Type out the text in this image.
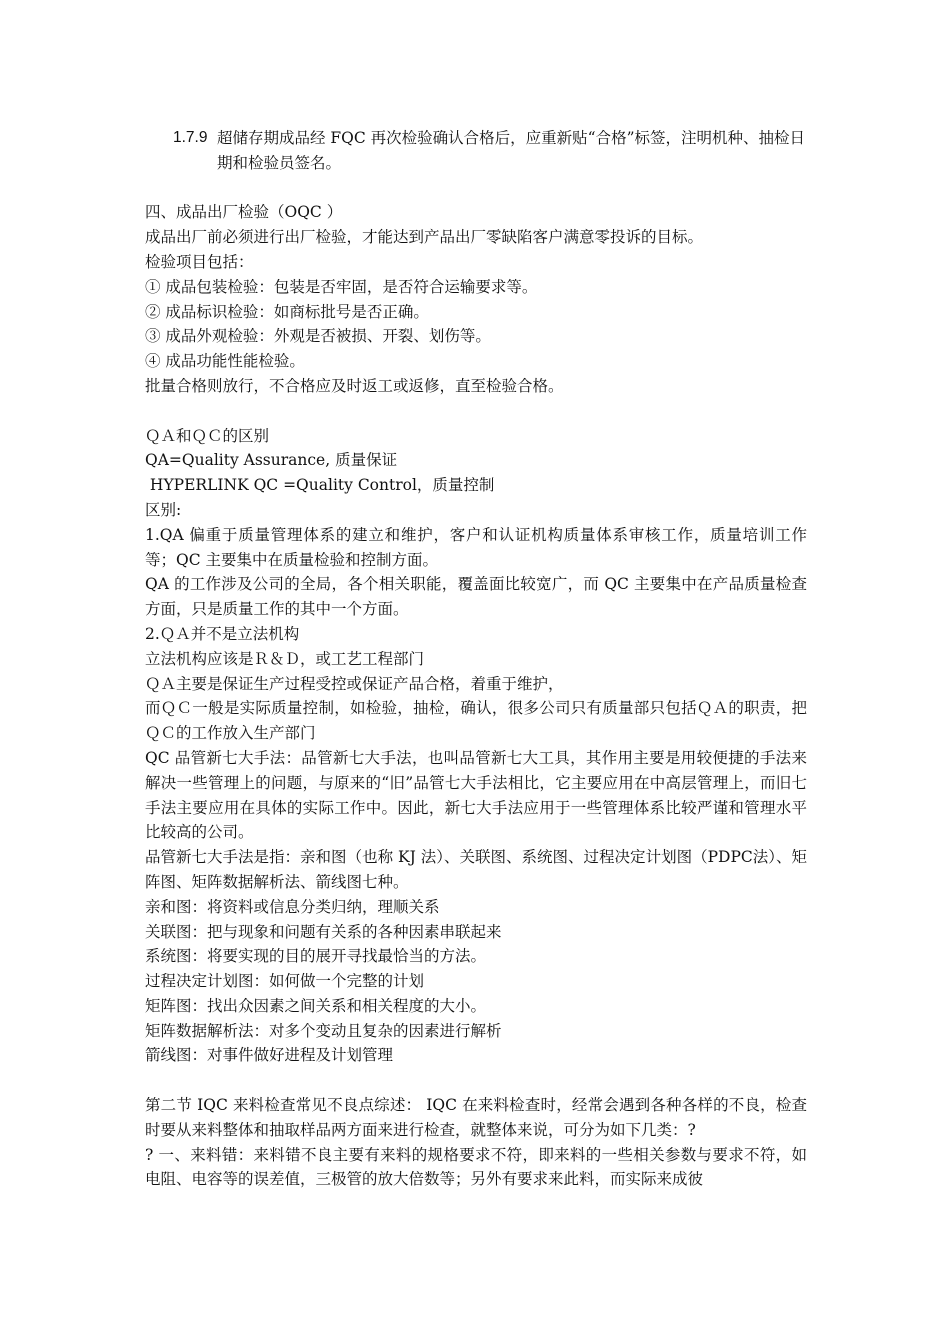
1.7.9 超储存期成品经 FQC 再次检验确认合格后，应重新贴“合格”标签，注明机种、抽检日期和检验员签名。

四、成品出厂检验（OQC ）

成品出厂前必须进行出厂检验，才能达到产品出厂零缺陷客户满意零投诉的目标。

检验项目包括：

① 成品包装检验：包装是否牢固，是否符合运输要求等。

② 成品标识检验：如商标批号是否正确。

③ 成品外观检验：外观是否被损、开裂、划伤等。

④ 成品功能性能检验。

批量合格则放行，不合格应及时返工或返修，直至检验合格。

ＱＡ和ＱＣ的区别

QA=Quality Assurance, 质量保证

HYPERLINK QC =Quality Control，质量控制

区别:

1.QA 偏重于质量管理体系的建立和维护，客户和认证机构质量体系审核工作，质量培训工作等；QC 主要集中在质量检验和控制方面。

QA 的工作涉及公司的全局，各个相关职能，覆盖面比较宽广，而 QC 主要集中在产品质量检查方面，只是质量工作的其中一个方面。

2.ＱＡ并不是立法机构

立法机构应该是Ｒ＆Ｄ，或工艺工程部门

ＱＡ主要是保证生产过程受控或保证产品合格，着重于维护，

而ＱＣ一般是实际质量控制，如检验，抽检，确认，很多公司只有质量部只包括ＱＡ的职责，把ＱＣ的工作放入生产部门

QC 品管新七大手法：品管新七大手法，也叫品管新七大工具，其作用主要是用较便捷的手法来解决一些管理上的问题，与原来的“旧”品管七大手法相比，它主要应用在中高层管理上，而旧七手法主要应用在具体的实际工作中。因此，新七大手法应用于一些管理体系比较严谨和管理水平比较高的公司。

品管新七大手法是指：亲和图（也称 KJ 法）、关联图、系统图、过程决定计划图（PDPC法）、矩阵图、矩阵数据解析法、箭线图七种。

亲和图：将资料或信息分类归纳，理顺关系

关联图：把与现象和问题有关系的各种因素串联起来

系统图：将要实现的目的展开寻找最恰当的方法。

过程决定计划图：如何做一个完整的计划

矩阵图：找出众因素之间关系和相关程度的大小。

矩阵数据解析法：对多个变动且复杂的因素进行解析

箭线图：对事件做好进程及计划管理

第二节 IQC 来料检查常见不良点综述： IQC 在来料检查时，经常会遇到各种各样的不良，检查时要从来料整体和抽取样品两方面来进行检查，就整体来说，可分为如下几类：?

? 一、来料错：来料错不良主要有来料的规格要求不符，即来料的一些相关参数与要求不符，如电阻、电容等的误差值，三极管的放大倍数等；另外有要求来此料，而实际来成彼
